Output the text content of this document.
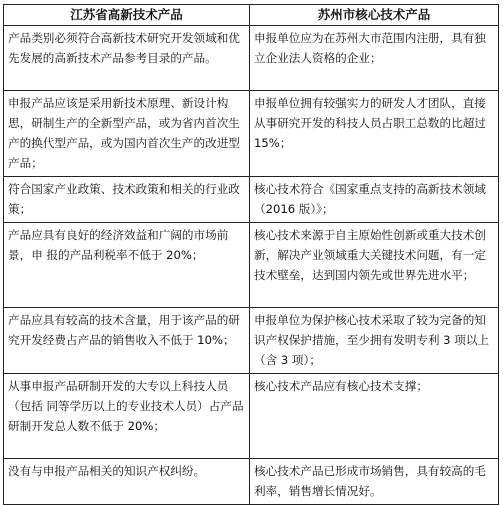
江苏省高新技术产品	苏州市核心技术产品
产品类别必须符合高新技术研究开发领域和优先发展的高新技术产品参考目录的产品。	申报单位应为在苏州大市范围内注册，具有独立企业法人资格的企业；
申报产品应该是采用新技术原理、新设计构思，研制生产的全新型产品，或为省内首次生产的换代型产品，或为国内首次生产的改进型产品；	申报单位拥有较强实力的研发人才团队，直接从事研究开发的科技人员占职工总数的比超过 15%；
符合国家产业政策、技术政策和相关的行业政策；	核心技术符合《国家重点支持的高新技术领域（2016 版）》；
产品应具有良好的经济效益和广阔的市场前景，申 报的产品利税率不低于 20%；	核心技术来源于自主原始性创新或重大技术创新，解决产业领域重大关键技术问题，有一定技术壁垒，达到国内领先或世界先进水平；
产品应具有较高的技术含量，用于该产品的研究开发经费占产品的销售收入不低于 10%；	申报单位为保护核心技术采取了较为完备的知识产权保护措施，至少拥有发明专利 3 项以上（含 3 项）；
从事申报产品研制开发的大专以上科技人员（包括 同等学历以上的专业技术人员）占产品研制开发总人数不低于 20%；	核心技术产品应有核心技术支撑；
没有与申报产品相关的知识产权纠纷。	核心技术产品已形成市场销售，具有较高的毛利率，销售增长情况好。
